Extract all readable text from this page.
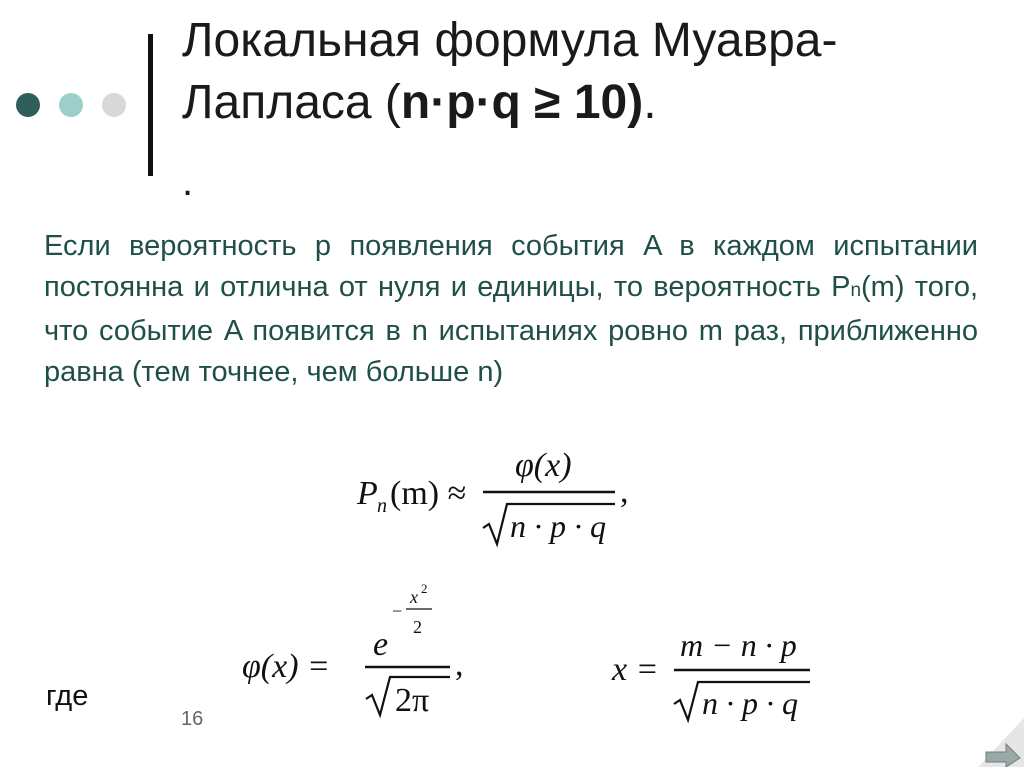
Локальная формула Муавра-
Лапласа (n·p·q ≥ 10).
.
Если вероятность p появления события A в каждом испытании постоянна и отлична от нуля и единицы, то вероятность Pn(m) того, что событие A появится в n испытаниях ровно m раз, приближенно равна (тем точнее, чем больше n)
P n (m) ≈
φ(x)
n · p · q
,
φ(x) =
e
−
x 2
2
2π
,	x =
m − n · p
n · p · q
где
16
